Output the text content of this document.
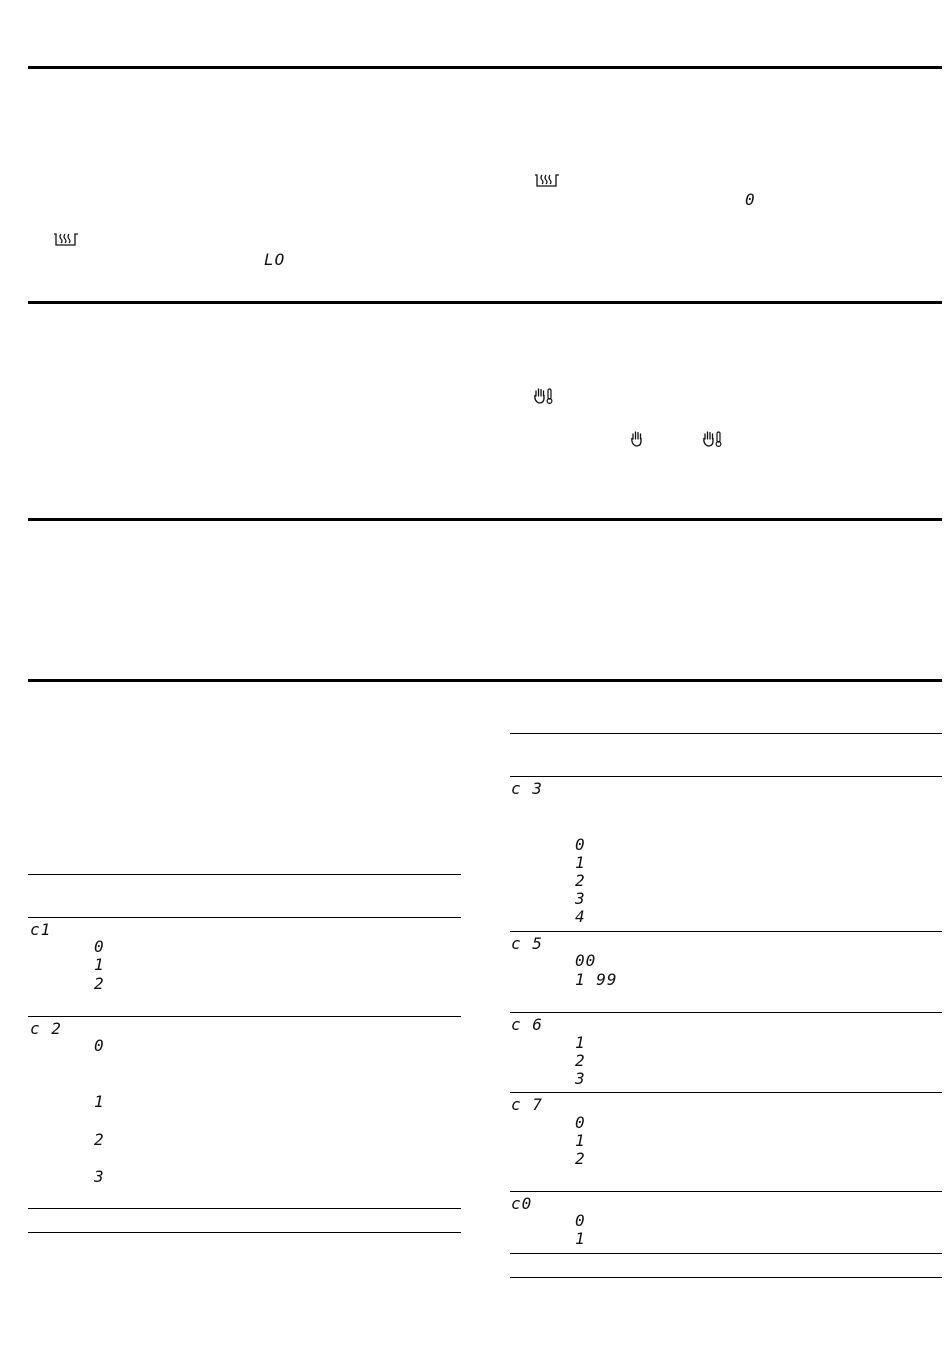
0
LO
c1
0
1
2
c 2
0
1
2
3
c 3
0
1
2
3
4
c 5
00
1 99
c 6
1
2
3
c 7
0
1
2
c0
0
1
